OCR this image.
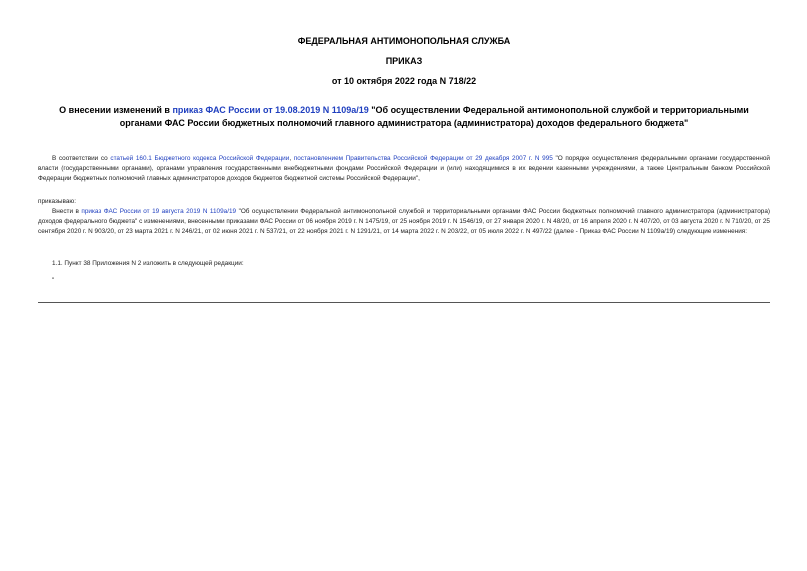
ФЕДЕРАЛЬНАЯ АНТИМОНОПОЛЬНАЯ СЛУЖБА
ПРИКАЗ
от 10 октября 2022 года N 718/22
О внесении изменений в приказ ФАС России от 19.08.2019 N 1109а/19 "Об осуществлении Федеральной антимонопольной службой и территориальными органами ФАС России бюджетных полномочий главного администратора (администратора) доходов федерального бюджета"
В соответствии со статьей 160.1 Бюджетного кодекса Российской Федерации, постановлением Правительства Российской Федерации от 29 декабря 2007 г. N 995 "О порядке осуществления федеральными органами государственной власти (государственными органами), органами управления государственными внебюджетными фондами Российской Федерации и (или) находящимися в их ведении казенными учреждениями, а также Центральным банком Российской Федерации бюджетных полномочий главных администраторов доходов бюджетов бюджетной системы Российской Федерации",
приказываю:
Внести в приказ ФАС России от 19 августа 2019 N 1109а/19 "Об осуществлении Федеральной антимонопольной службой и территориальными органами ФАС России бюджетных полномочий главного администратора (администратора) доходов федерального бюджета" с изменениями, внесенными приказами ФАС России от 06 ноября 2019 г. N 1475/19, от 25 ноября 2019 г. N 1546/19, от 27 января 2020 г. N 48/20, от 16 апреля 2020 г. N 407/20, от 03 августа 2020 г. N 710/20, от 25 сентября 2020 г. N 903/20, от 23 марта 2021 г. N 246/21, от 02 июня 2021 г. N 537/21, от 22 ноября 2021 г. N 1291/21, от 14 марта 2022 г. N 203/22, от 05 июля 2022 г. N 497/22 (далее - Приказ ФАС России N 1109а/19) следующие изменения:
1.1. Пункт 38 Приложения N 2 изложить в следующей редакции:
"
